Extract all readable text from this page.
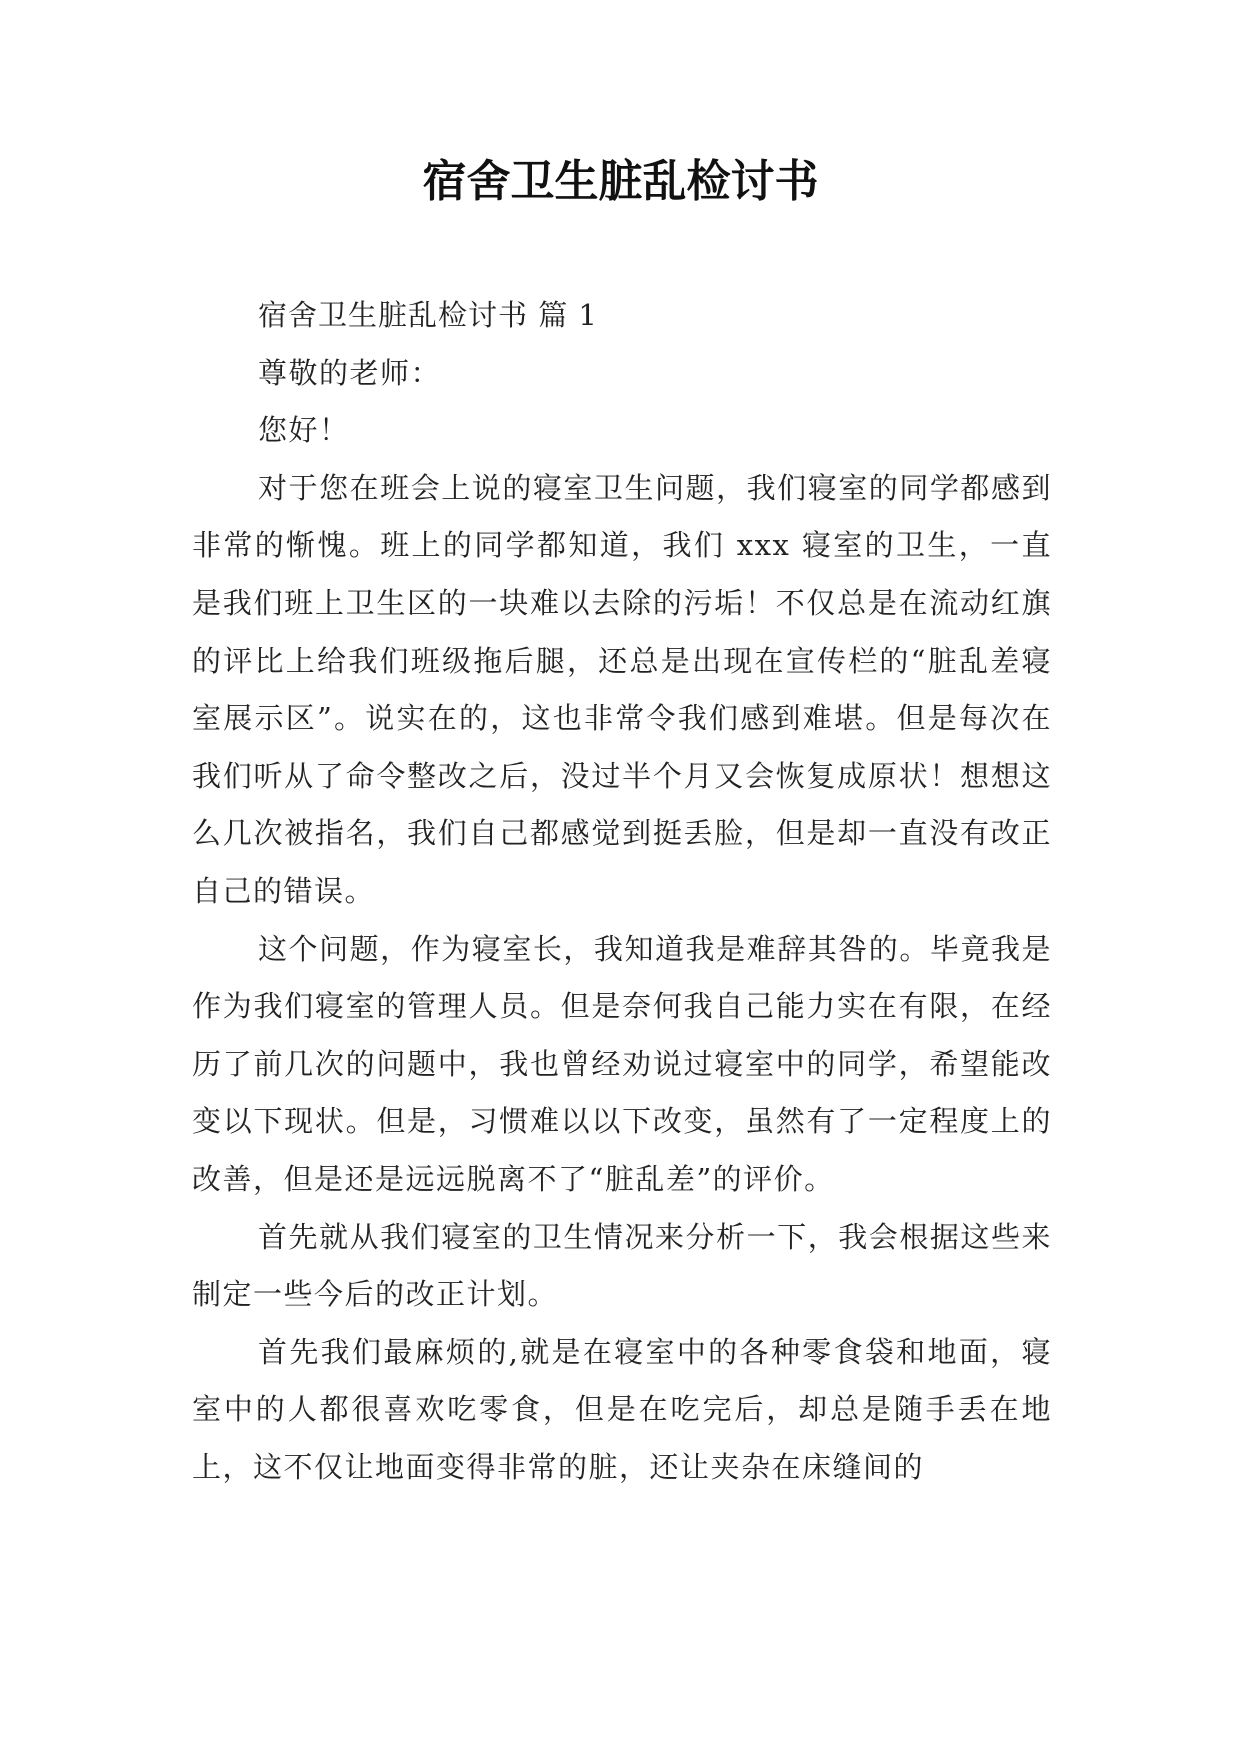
宿舍卫生脏乱检讨书

宿舍卫生脏乱检讨书 篇 1

尊敬的老师：

您好！

对于您在班会上说的寝室卫生问题，我们寝室的同学都感到非常的惭愧。班上的同学都知道，我们 xxx 寝室的卫生，一直是我们班上卫生区的一块难以去除的污垢！不仅总是在流动红旗的评比上给我们班级拖后腿，还总是出现在宣传栏的“脏乱差寝室展示区”。说实在的，这也非常令我们感到难堪。但是每次在我们听从了命令整改之后，没过半个月又会恢复成原状！想想这么几次被指名，我们自己都感觉到挺丢脸，但是却一直没有改正自己的错误。

这个问题，作为寝室长，我知道我是难辞其咎的。毕竟我是作为我们寝室的管理人员。但是奈何我自己能力实在有限，在经历了前几次的问题中，我也曾经劝说过寝室中的同学，希望能改变以下现状。但是，习惯难以以下改变，虽然有了一定程度上的改善，但是还是远远脱离不了“脏乱差”的评价。

首先就从我们寝室的卫生情况来分析一下，我会根据这些来制定一些今后的改正计划。

首先我们最麻烦的,就是在寝室中的各种零食袋和地面，寝室中的人都很喜欢吃零食，但是在吃完后，却总是随手丢在地上，这不仅让地面变得非常的脏，还让夹杂在床缝间的
